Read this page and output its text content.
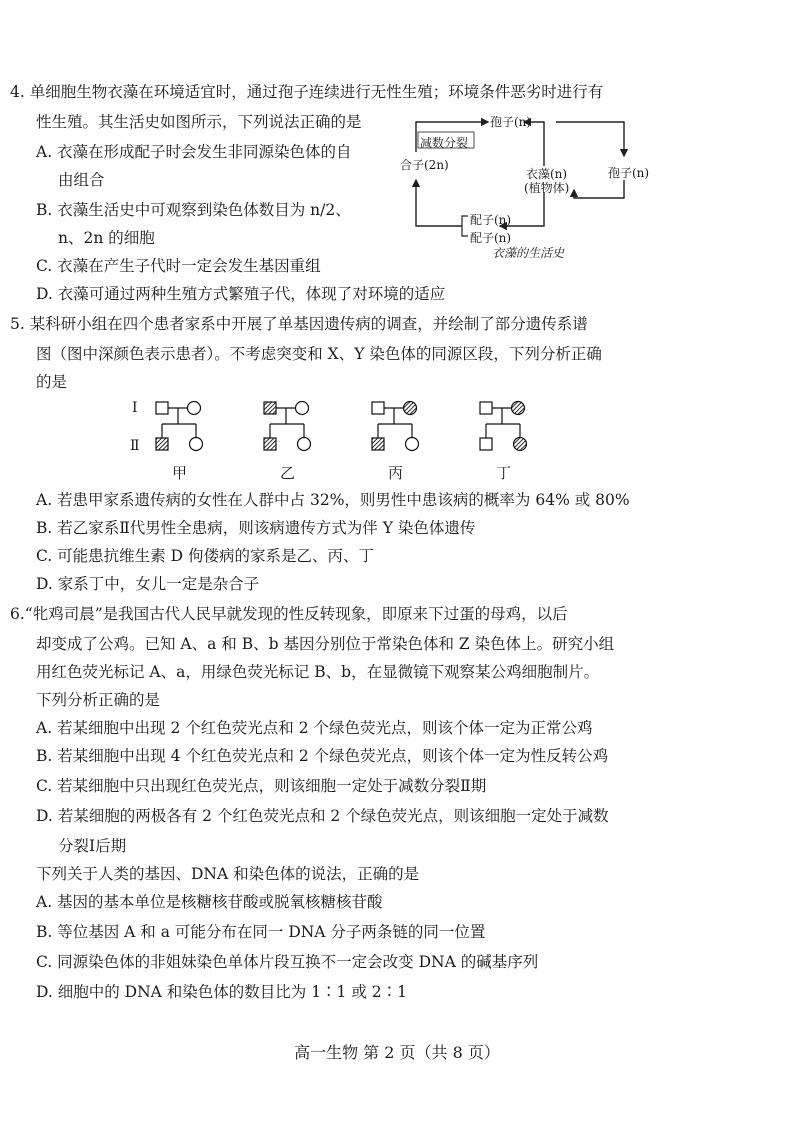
4. 单细胞生物衣藻在环境适宜时，通过孢子连续进行无性生殖；环境条件恶劣时进行有
性生殖。其生活史如图所示，下列说法正确的是
A. 衣藻在形成配子时会发生非同源染色体的自
由组合
B. 衣藻生活史中可观察到染色体数目为 n/2、
n、2n 的细胞
C. 衣藻在产生子代时一定会发生基因重组
D. 衣藻可通过两种生殖方式繁殖子代，体现了对环境的适应
孢子(n)
减数分裂
合子(2n)
衣藻(n)
(植物体)
孢子(n)
配子(n)
配子(n)
衣藻的生活史
5. 某科研小组在四个患者家系中开展了单基因遗传病的调查，并绘制了部分遗传系谱
图（图中深颜色表示患者）。不考虑突变和 X、Y 染色体的同源区段，下列分析正确
的是
Ⅰ
Ⅱ
甲	乙	丙	丁
A. 若患甲家系遗传病的女性在人群中占 32%，则男性中患该病的概率为 64% 或 80%
B. 若乙家系Ⅱ代男性全患病，则该病遗传方式为伴 Y 染色体遗传
C. 可能患抗维生素 D 佝偻病的家系是乙、丙、丁
D. 家系丁中，女儿一定是杂合子
6.“牝鸡司晨”是我国古代人民早就发现的性反转现象，即原来下过蛋的母鸡，以后
却变成了公鸡。已知 A、a 和 B、b 基因分别位于常染色体和 Z 染色体上。研究小组
用红色荧光标记 A、a，用绿色荧光标记 B、b，在显微镜下观察某公鸡细胞制片。
下列分析正确的是
A. 若某细胞中出现 2 个红色荧光点和 2 个绿色荧光点，则该个体一定为正常公鸡
B. 若某细胞中出现 4 个红色荧光点和 2 个绿色荧光点，则该个体一定为性反转公鸡
C. 若某细胞中只出现红色荧光点，则该细胞一定处于减数分裂Ⅱ期
D. 若某细胞的两极各有 2 个红色荧光点和 2 个绿色荧光点，则该细胞一定处于减数
分裂Ⅰ后期
下列关于人类的基因、DNA 和染色体的说法，正确的是
A. 基因的基本单位是核糖核苷酸或脱氧核糖核苷酸
B. 等位基因 A 和 a 可能分布在同一 DNA 分子两条链的同一位置
C. 同源染色体的非姐妹染色单体片段互换不一定会改变 DNA 的碱基序列
D. 细胞中的 DNA 和染色体的数目比为 1∶1 或 2∶1
高一生物 第 2 页（共 8 页）
